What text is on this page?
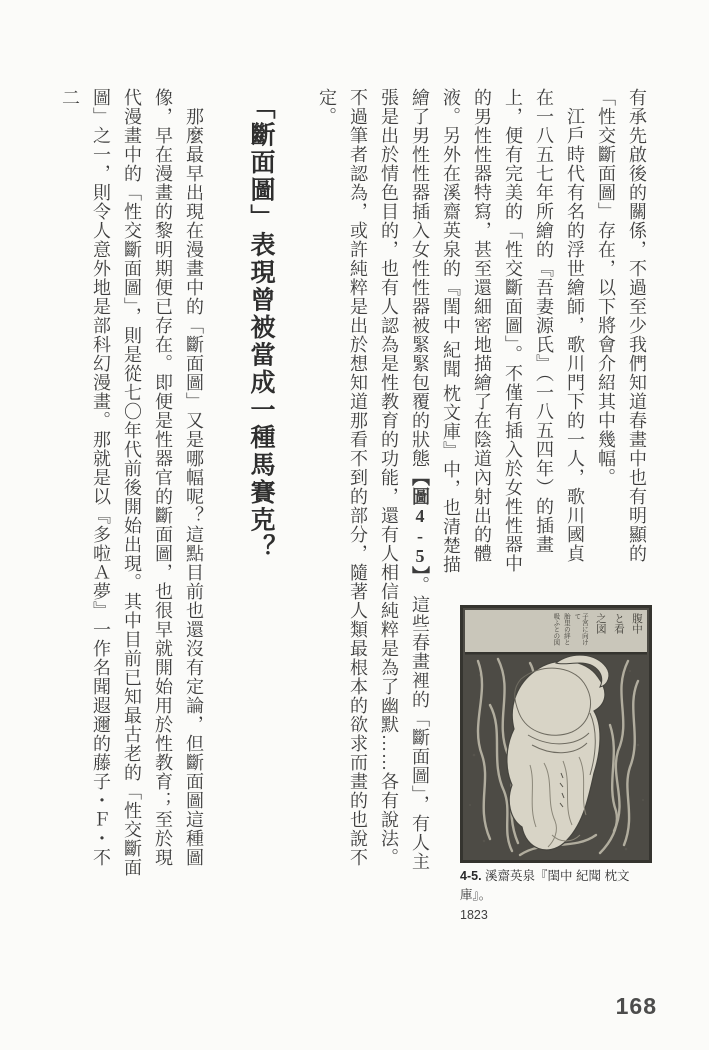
腹中と看之図子宮に向けて胎里の絆と吸ふとの図
4-5. 溪齋英泉『閨中 紀聞 枕文庫』。
1823

有承先啟後的關係，不過至少我們知道春畫中也有明顯的「性交斷面圖」存在，以下將會介紹其中幾幅。

　江戶時代有名的浮世繪師，歌川門下的一人，歌川國貞在一八五七年所繪的『吾妻源氏』（一八五四年）的插畫上，便有完美的「性交斷面圖」。不僅有插入於女性性器中的男性性器特寫，甚至還細密地描繪了在陰道內射出的體液。另外在溪齋英泉的『閨中 紀聞 枕文庫』中，也清楚描繪了男性性器插入女性性器被緊緊包覆的狀態【圖4-5】。這些春畫裡的「斷面圖」，有人主張是出於情色目的，也有人認為是性教育的功能，還有人相信純粹是為了幽默……各有說法。

不過筆者認為，或許純粹是出於想知道那看不到的部分，隨著人類最根本的欲求而畫的也說不定。

「斷面圖」表現曾被當成一種馬賽克？

　那麼最早出現在漫畫中的「斷面圖」又是哪幅呢？這點目前也還沒有定論，但斷面圖這種圖像，早在漫畫的黎明期便已存在。即便是性器官的斷面圖，也很早就開始用於性教育；至於現代漫畫中的「性交斷面圖」，則是從七〇年代前後開始出現。其中目前已知最古老的「性交斷面圖」之一，則令人意外地是部科幻漫畫。那就是以『多啦Ａ夢』一作名聞遐邇的藤子・Ｆ・不二

168
